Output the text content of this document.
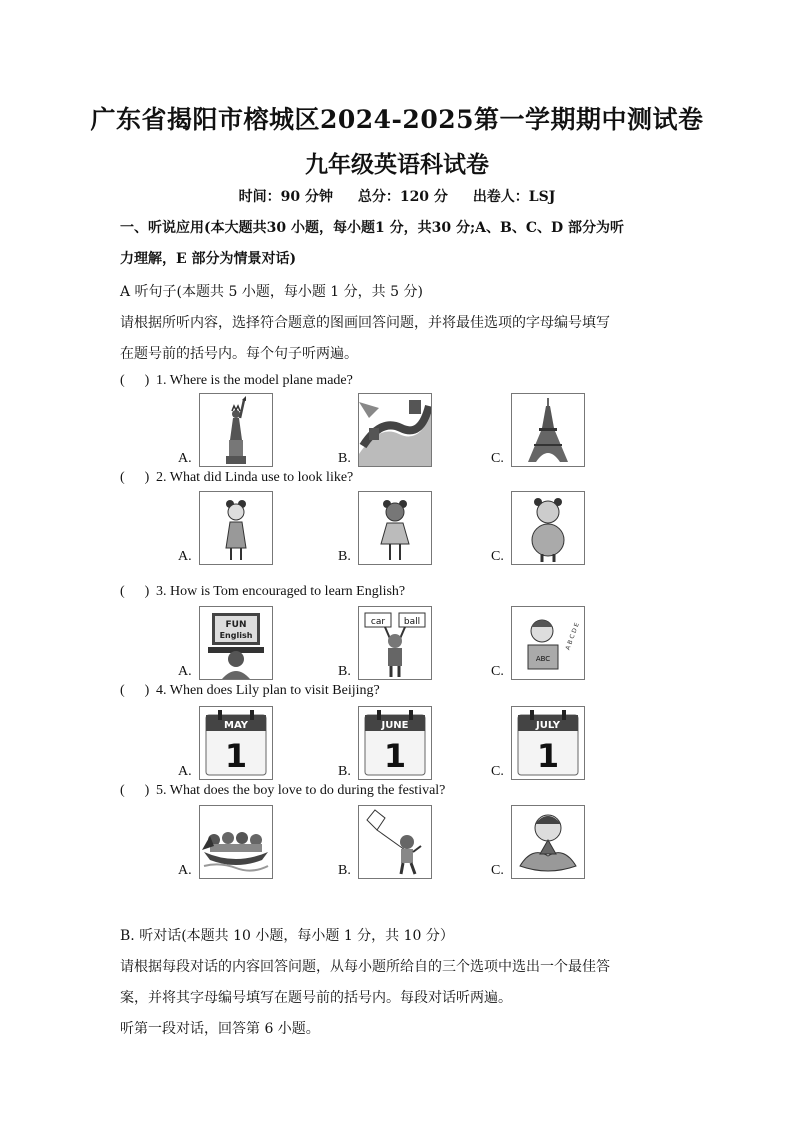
广东省揭阳市榕城区2024-2025第一学期期中测试卷
九年级英语科试卷
时间：90 分钟 总分：120 分 出卷人：LSJ
一、听说应用(本大题共30 小题，每小题1 分，共30 分;A、B、C、D 部分为听
力理解，E 部分为情景对话)
A 听句子(本题共 5 小题，每小题 1 分，共 5 分)
请根据所听内容，选择符合题意的图画回答问题，并将最佳选项的字母编号填写
在题号前的括号内。每个句子听两遍。
( ) 1. Where is the model plane made?
A.	B.	C.
( ) 2. What did Linda use to look like?
A.	B.	C.
( ) 3. How is Tom encouraged to learn English?
A.
FUN
English
B.
car ball
C.
A B C D E
ABC
( ) 4. When does Lily plan to visit Beijing?
A.
MAY
1	B.
JUNE
1	C.
JULY
1
( ) 5. What does the boy love to do during the festival?
A.	B.	C.
B. 听对话(本题共 10 小题，每小题 1 分，共 10 分）
请根据每段对话的内容回答问题，从每小题所给自的三个选项中选出一个最佳答
案，并将其字母编号填写在题号前的括号内。每段对话听两遍。
听第一段对话，回答第 6 小题。
